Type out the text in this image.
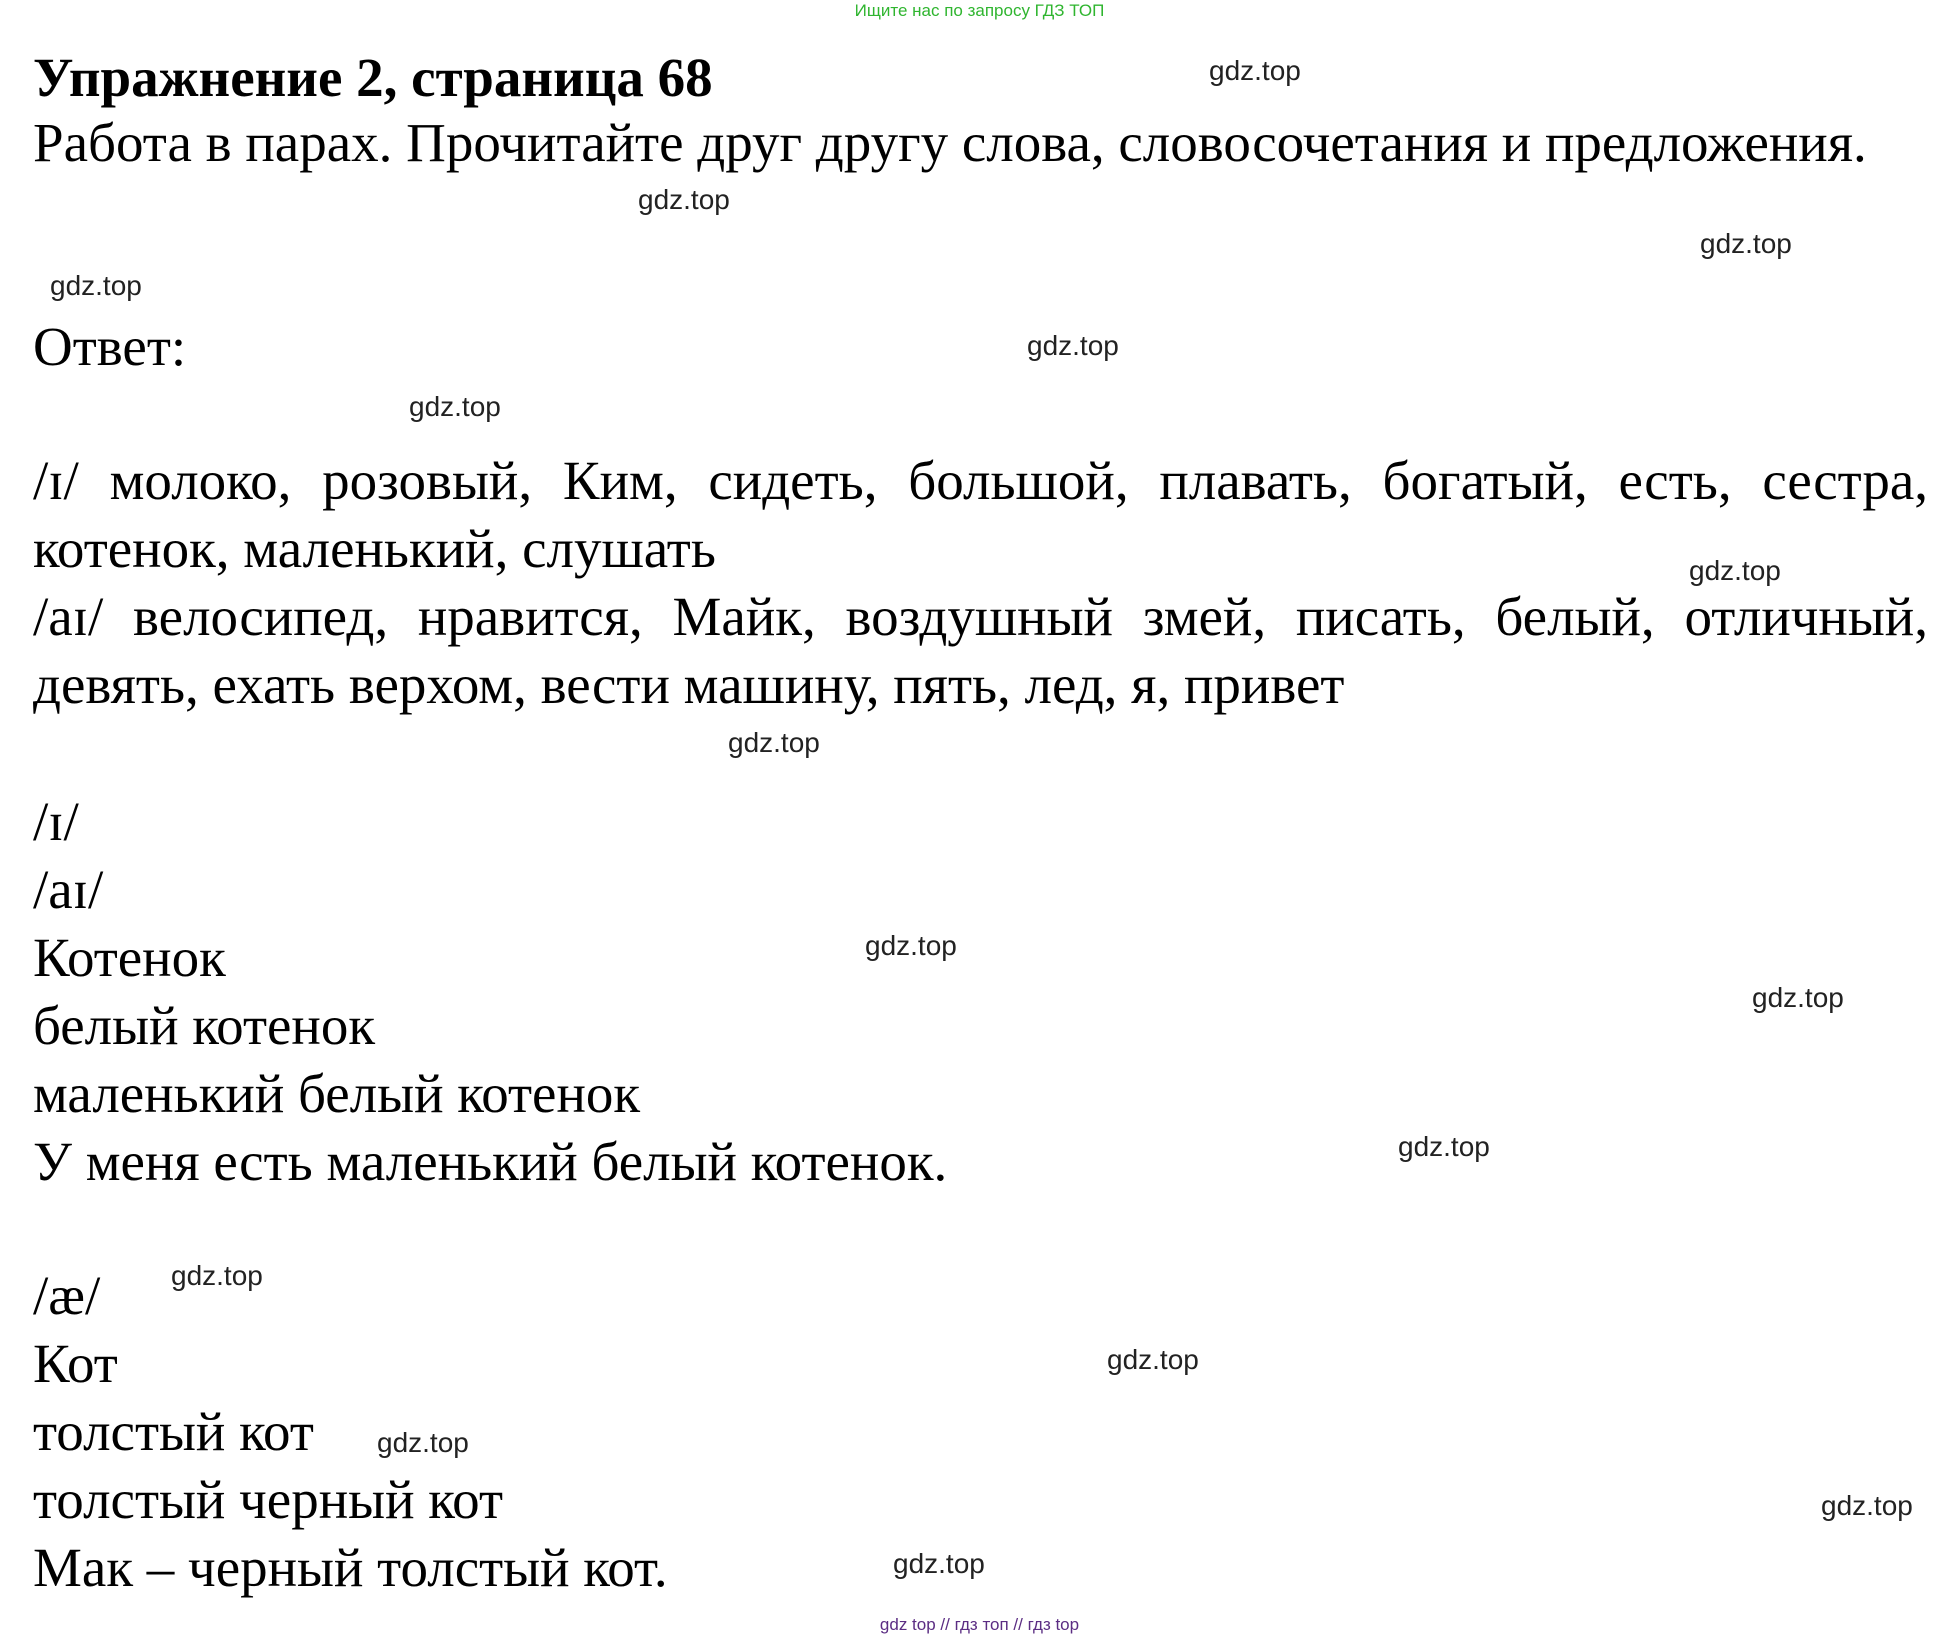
Ищите нас по запросу ГДЗ ТОП
Упражнение 2, страница 68

Работа в парах. Прочитайте друг другу слова, словосочетания и предложения.

Ответ:

/ɪ/ молоко, розовый, Ким, сидеть, большой, плавать, богатый, есть, сестра, котенок, маленький, слушать

/aɪ/ велосипед, нравится, Майк, воздушный змей, писать, белый, отличный, девять, ехать верхом, вести машину, пять, лед, я, привет

/ɪ/

/aɪ/

Котенок

белый котенок

маленький белый котенок

У меня есть маленький белый котенок.

/æ/

Кот

толстый кот

толстый черный кот

Мак – черный толстый кот.

gdz.top
gdz.top
gdz.top
gdz.top
gdz.top
gdz.top
gdz.top
gdz.top
gdz.top
gdz.top
gdz.top
gdz.top
gdz.top
gdz.top
gdz.top
gdz.top
gdz top // гдз топ // гдз top
